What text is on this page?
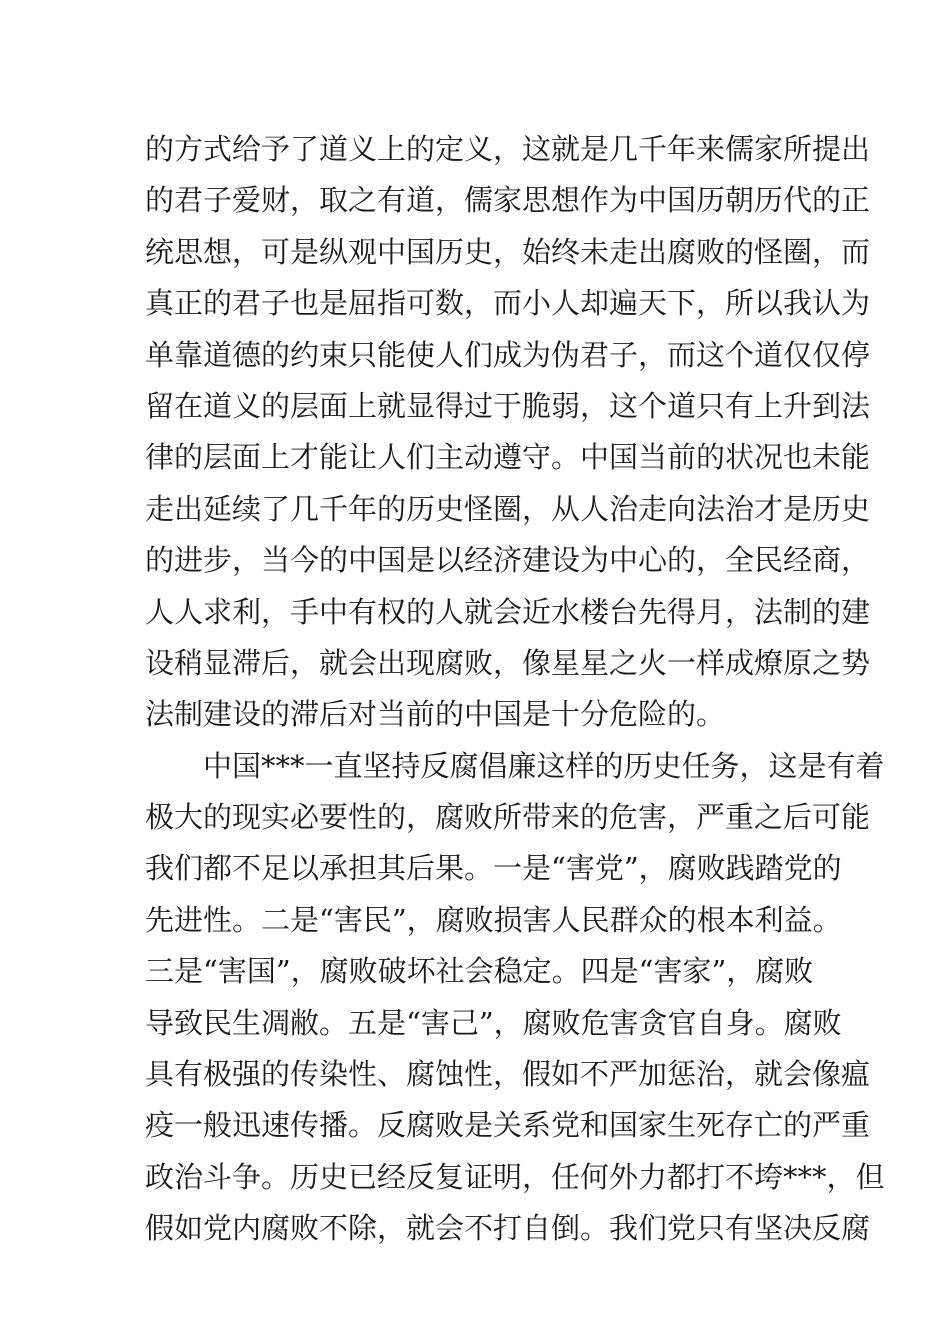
的方式给予了道义上的定义，这就是几千年来儒家所提出
的君子爱财，取之有道，儒家思想作为中国历朝历代的正
统思想，可是纵观中国历史，始终未走出腐败的怪圈，而
真正的君子也是屈指可数，而小人却遍天下，所以我认为
单靠道德的约束只能使人们成为伪君子，而这个道仅仅停
留在道义的层面上就显得过于脆弱，这个道只有上升到法
律的层面上才能让人们主动遵守。中国当前的状况也未能
走出延续了几千年的历史怪圈，从人治走向法治才是历史
的进步，当今的中国是以经济建设为中心的，全民经商，
人人求利，手中有权的人就会近水楼台先得月，法制的建
设稍显滞后，就会出现腐败，像星星之火一样成燎原之势
法制建设的滞后对当前的中国是十分危险的。
中国***一直坚持反腐倡廉这样的历史任务，这是有着
极大的现实必要性的，腐败所带来的危害，严重之后可能
我们都不足以承担其后果。一是“害党”，腐败践踏党的
先进性。二是“害民”，腐败损害人民群众的根本利益。
三是“害国”，腐败破坏社会稳定。四是“害家”，腐败
导致民生凋敝。五是“害己”，腐败危害贪官自身。腐败
具有极强的传染性、腐蚀性，假如不严加惩治，就会像瘟
疫一般迅速传播。反腐败是关系党和国家生死存亡的严重
政治斗争。历史已经反复证明，任何外力都打不垮***，但
假如党内腐败不除，就会不打自倒。我们党只有坚决反腐
